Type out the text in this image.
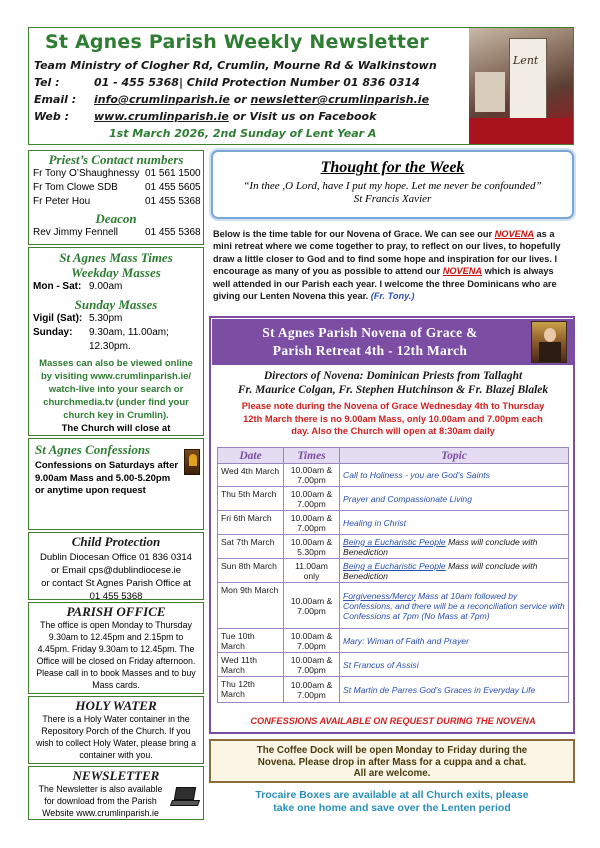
St Agnes Parish Weekly Newsletter
Team Ministry of Clogher Rd, Crumlin, Mourne Rd & Walkinstown
Tel :	01 - 455 5368| Child Protection Number 01 836 0314
Email : info@crumlinparish.ie or newsletter@crumlinparish.ie
Web : www.crumlinparish.ie or Visit us on Facebook
1st March 2026, 2nd Sunday of Lent Year A
Lent
Priest’s Contact numbers
Fr Tony O’Shaughnessy 01 561 1500
Fr Tom Clowe SDB	01 455 5605
Fr Peter Hou	01 455 5368
Deacon
Rev Jimmy Fennell	01 455 5368
St Agnes Mass Times
Weekday Masses
Mon - Sat: 9.00am
Sunday Masses
Vigil (Sat): 5.30pm
Sunday:	9.30am, 11.00am;
12.30pm.
Masses can also be viewed online
by visiting www.crumlinparish.ie/
watch-live into your search or
churchmedia.tv (under find your
church key in Crumlin).
The Church will close at
St Agnes Confessions
Confessions on Saturdays after
9.00am Mass and 5.00-5.20pm
or anytime upon request
Child Protection
Dublin Diocesan Office 01 836 0314
or Email cps@dublindiocese.ie
or contact St Agnes Parish Office at
01 455 5368
PARISH OFFICE
The office is open Monday to Thursday
9.30am to 12.45pm and 2.15pm to
4.45pm. Friday 9.30am to 12.45pm. The
Office will be closed on Friday afternoon.
Please call in to book Masses and to buy
Mass cards.
HOLY WATER
There is a Holy Water container in the
Repository Porch of the Church. If you
wish to collect Holy Water, please bring a
container with you.
NEWSLETTER
The Newsletter is also available
for download from the Parish
Website www.crumlinparish.ie
Thought for the Week
“In thee ,O Lord, have I put my hope. Let me never be confounded”
St Francis Xavier
Below is the time table for our Novena of Grace. We can see our NOVENA as a mini retreat where we come together to pray, to reflect on our lives, to hopefully draw a little closer to God and to find some hope and inspiration for our lives. I encourage as many of you as possible to attend our NOVENA which is always well attended in our Parish each year. I welcome the three Dominicans who are giving our Lenten Novena this year. (Fr. Tony.)
St Agnes Parish Novena of Grace &
Parish Retreat 4th - 12th March
Directors of Novena: Dominican Priests from Tallaght
Fr. Maurice Colgan, Fr. Stephen Hutchinson & Fr. Blazej Blalek
Please note during the Novena of Grace Wednesday 4th to Thursday
12th March there is no 9.00am Mass, only 10.00am and 7.00pm each
day. Also the Church will open at 8:30am daily
Date	Times	Topic
Wed 4th March	10.00am &
7.00pm	Call to Holiness - you are God’s Saints
Thu 5th March	10.00am &
7.00pm	Prayer and Compassionate Living
Fri 6th March	10.00am &
7.00pm	Healing in Christ
Sat 7th March	10.00am &
5.30pm	Being a Eucharistic People Mass will conclude with Benediction
Sun 8th March	11.00am
only	Being a Eucharistic People Mass will conclude with Benediction
Mon 9th March	10.00am &
7.00pm	Forgiveness/Mercy Mass at 10am followed by Confessions, and there will be a reconciliation service with Confessions at 7pm (No Mass at 7pm)
Tue 10th March	10.00am &
7.00pm	Mary: Wiman of Faith and Prayer
Wed 11th March	10.00am &
7.00pm	St Francus of Assisi
Thu 12th March	10.00am &
7.00pm	St Martin de Parres God’s Graces in Everyday Life
CONFESSIONS AVAILABLE ON REQUEST DURING THE NOVENA
The Coffee Dock will be open Monday to Friday during the
Novena. Please drop in after Mass for a cuppa and a chat.
All are welcome.
Trocaire Boxes are available at all Church exits, please
take one home and save over the Lenten period
